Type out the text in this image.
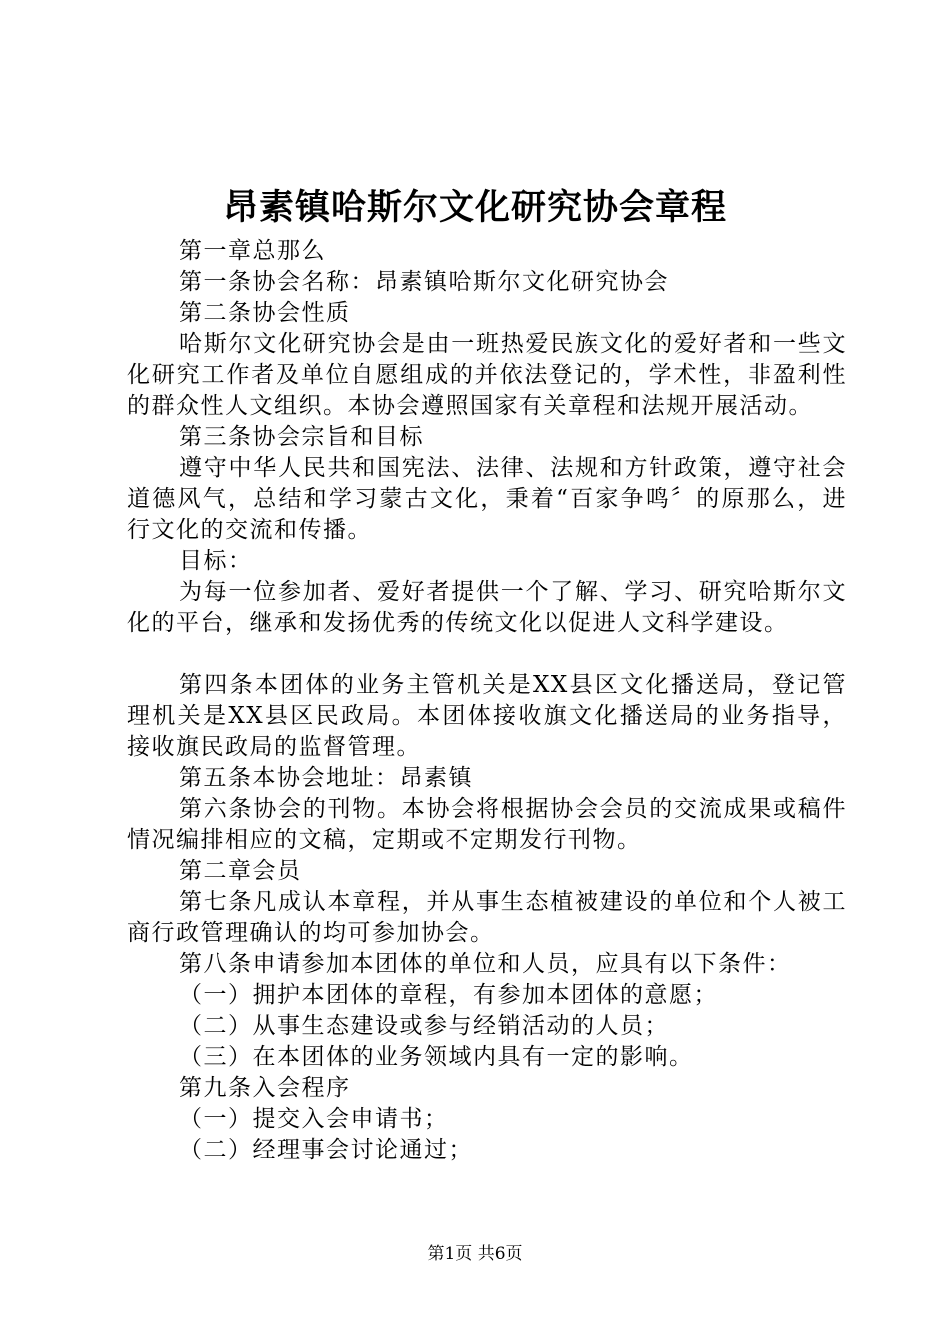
昂素镇哈斯尔文化研究协会章程

第一章总那么

第一条协会名称：昂素镇哈斯尔文化研究协会

第二条协会性质

哈斯尔文化研究协会是由一班热爱民族文化的爱好者和一些文化研究工作者及单位自愿组成的并依法登记的，学术性，非盈利性的群众性人文组织。本协会遵照国家有关章程和法规开展活动。

第三条协会宗旨和目标

遵守中华人民共和国宪法、法律、法规和方针政策，遵守社会道德风气，总结和学习蒙古文化，秉着“百家争鸣〞的原那么，进行文化的交流和传播。

目标：

为每一位参加者、爱好者提供一个了解、学习、研究哈斯尔文化的平台，继承和发扬优秀的传统文化以促进人文科学建设。

第四条本团体的业务主管机关是XX县区文化播送局，登记管理机关是XX县区民政局。本团体接收旗文化播送局的业务指导，接收旗民政局的监督管理。

第五条本协会地址：昂素镇

第六条协会的刊物。本协会将根据协会会员的交流成果或稿件情况编排相应的文稿，定期或不定期发行刊物。

第二章会员

第七条凡成认本章程，并从事生态植被建设的单位和个人被工商行政管理确认的均可参加协会。

第八条申请参加本团体的单位和人员，应具有以下条件：

（一）拥护本团体的章程，有参加本团体的意愿；

（二）从事生态建设或参与经销活动的人员；

（三）在本团体的业务领域内具有一定的影响。

第九条入会程序

（一）提交入会申请书；

（二）经理事会讨论通过；

第1页 共6页
